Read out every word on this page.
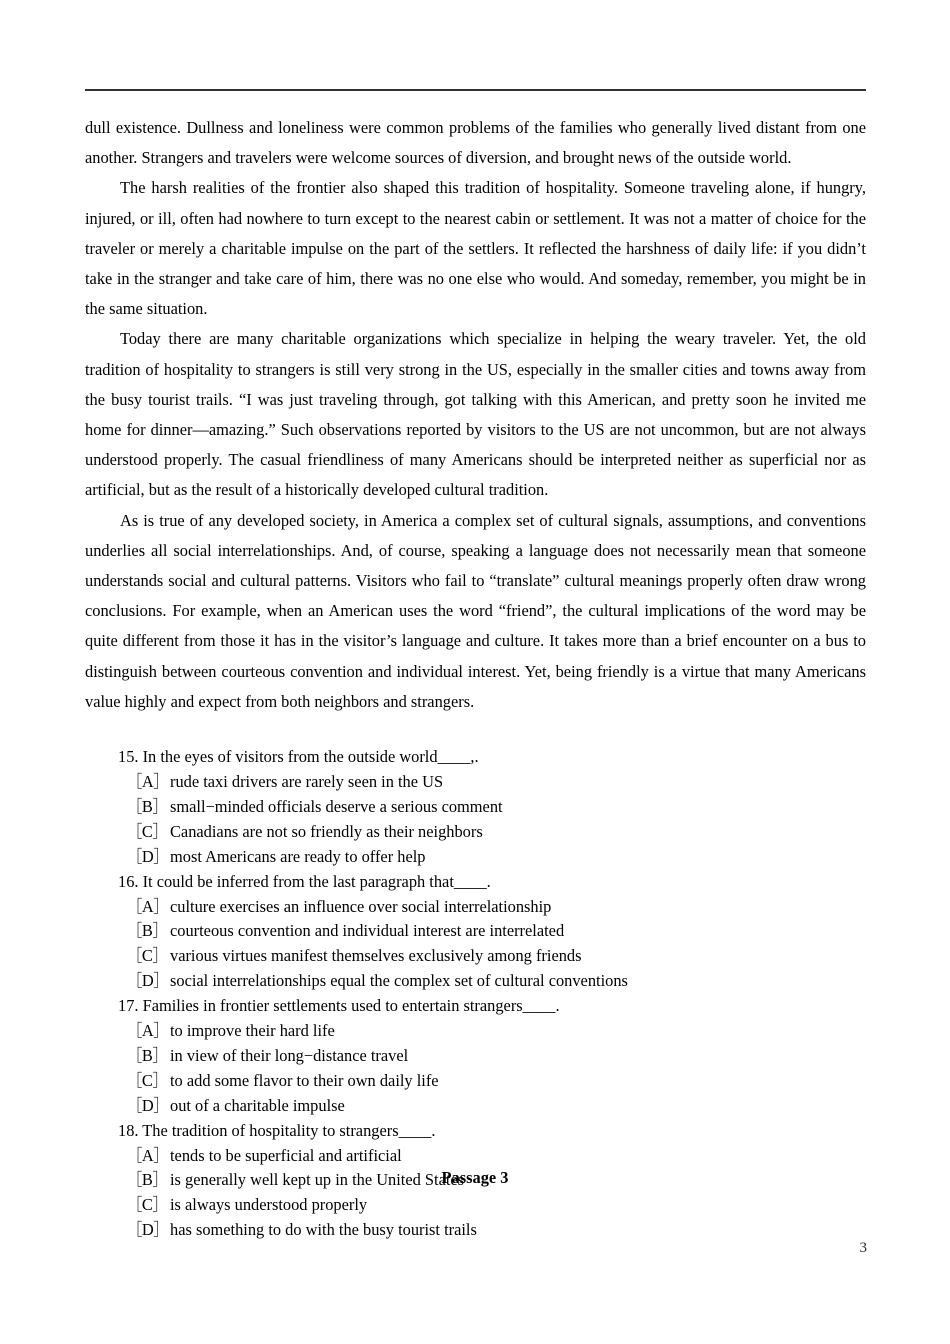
dull existence. Dullness and loneliness were common problems of the families who generally lived distant from one another. Strangers and travelers were welcome sources of diversion, and brought news of the outside world.

The harsh realities of the frontier also shaped this tradition of hospitality. Someone traveling alone, if hungry, injured, or ill, often had nowhere to turn except to the nearest cabin or settlement. It was not a matter of choice for the traveler or merely a charitable impulse on the part of the settlers. It reflected the harshness of daily life: if you didn’t take in the stranger and take care of him, there was no one else who would. And someday, remember, you might be in the same situation.

Today there are many charitable organizations which specialize in helping the weary traveler. Yet, the old tradition of hospitality to strangers is still very strong in the US, especially in the smaller cities and towns away from the busy tourist trails. “I was just traveling through, got talking with this American, and pretty soon he invited me home for dinner—amazing.” Such observations reported by visitors to the US are not uncommon, but are not always understood properly. The casual friendliness of many Americans should be interpreted neither as superficial nor as artificial, but as the result of a historically developed cultural tradition.

As is true of any developed society, in America a complex set of cultural signals, assumptions, and conventions underlies all social interrelationships. And, of course, speaking a language does not necessarily mean that someone understands social and cultural patterns. Visitors who fail to “translate” cultural meanings properly often draw wrong conclusions. For example, when an American uses the word “friend”, the cultural implications of the word may be quite different from those it has in the visitor’s language and culture. It takes more than a brief encounter on a bus to distinguish between courteous convention and individual interest. Yet, being friendly is a virtue that many Americans value highly and expect from both neighbors and strangers.

15. In the eyes of visitors from the outside world____,.

［A］ rude taxi drivers are rarely seen in the US
［B］ small−minded officials deserve a serious comment
［C］ Canadians are not so friendly as their neighbors
［D］ most Americans are ready to offer help

16. It could be inferred from the last paragraph that____.

［A］ culture exercises an influence over social interrelationship
［B］ courteous convention and individual interest are interrelated
［C］ various virtues manifest themselves exclusively among friends
［D］ social interrelationships equal the complex set of cultural conventions

17. Families in frontier settlements used to entertain strangers____.

［A］ to improve their hard life
［B］ in view of their long−distance travel
［C］ to add some flavor to their own daily life
［D］ out of a charitable impulse

18. The tradition of hospitality to strangers____.

［A］ tends to be superficial and artificial
［B］ is generally well kept up in the United States
［C］ is always understood properly
［D］ has something to do with the busy tourist trails
Passage 3
3
